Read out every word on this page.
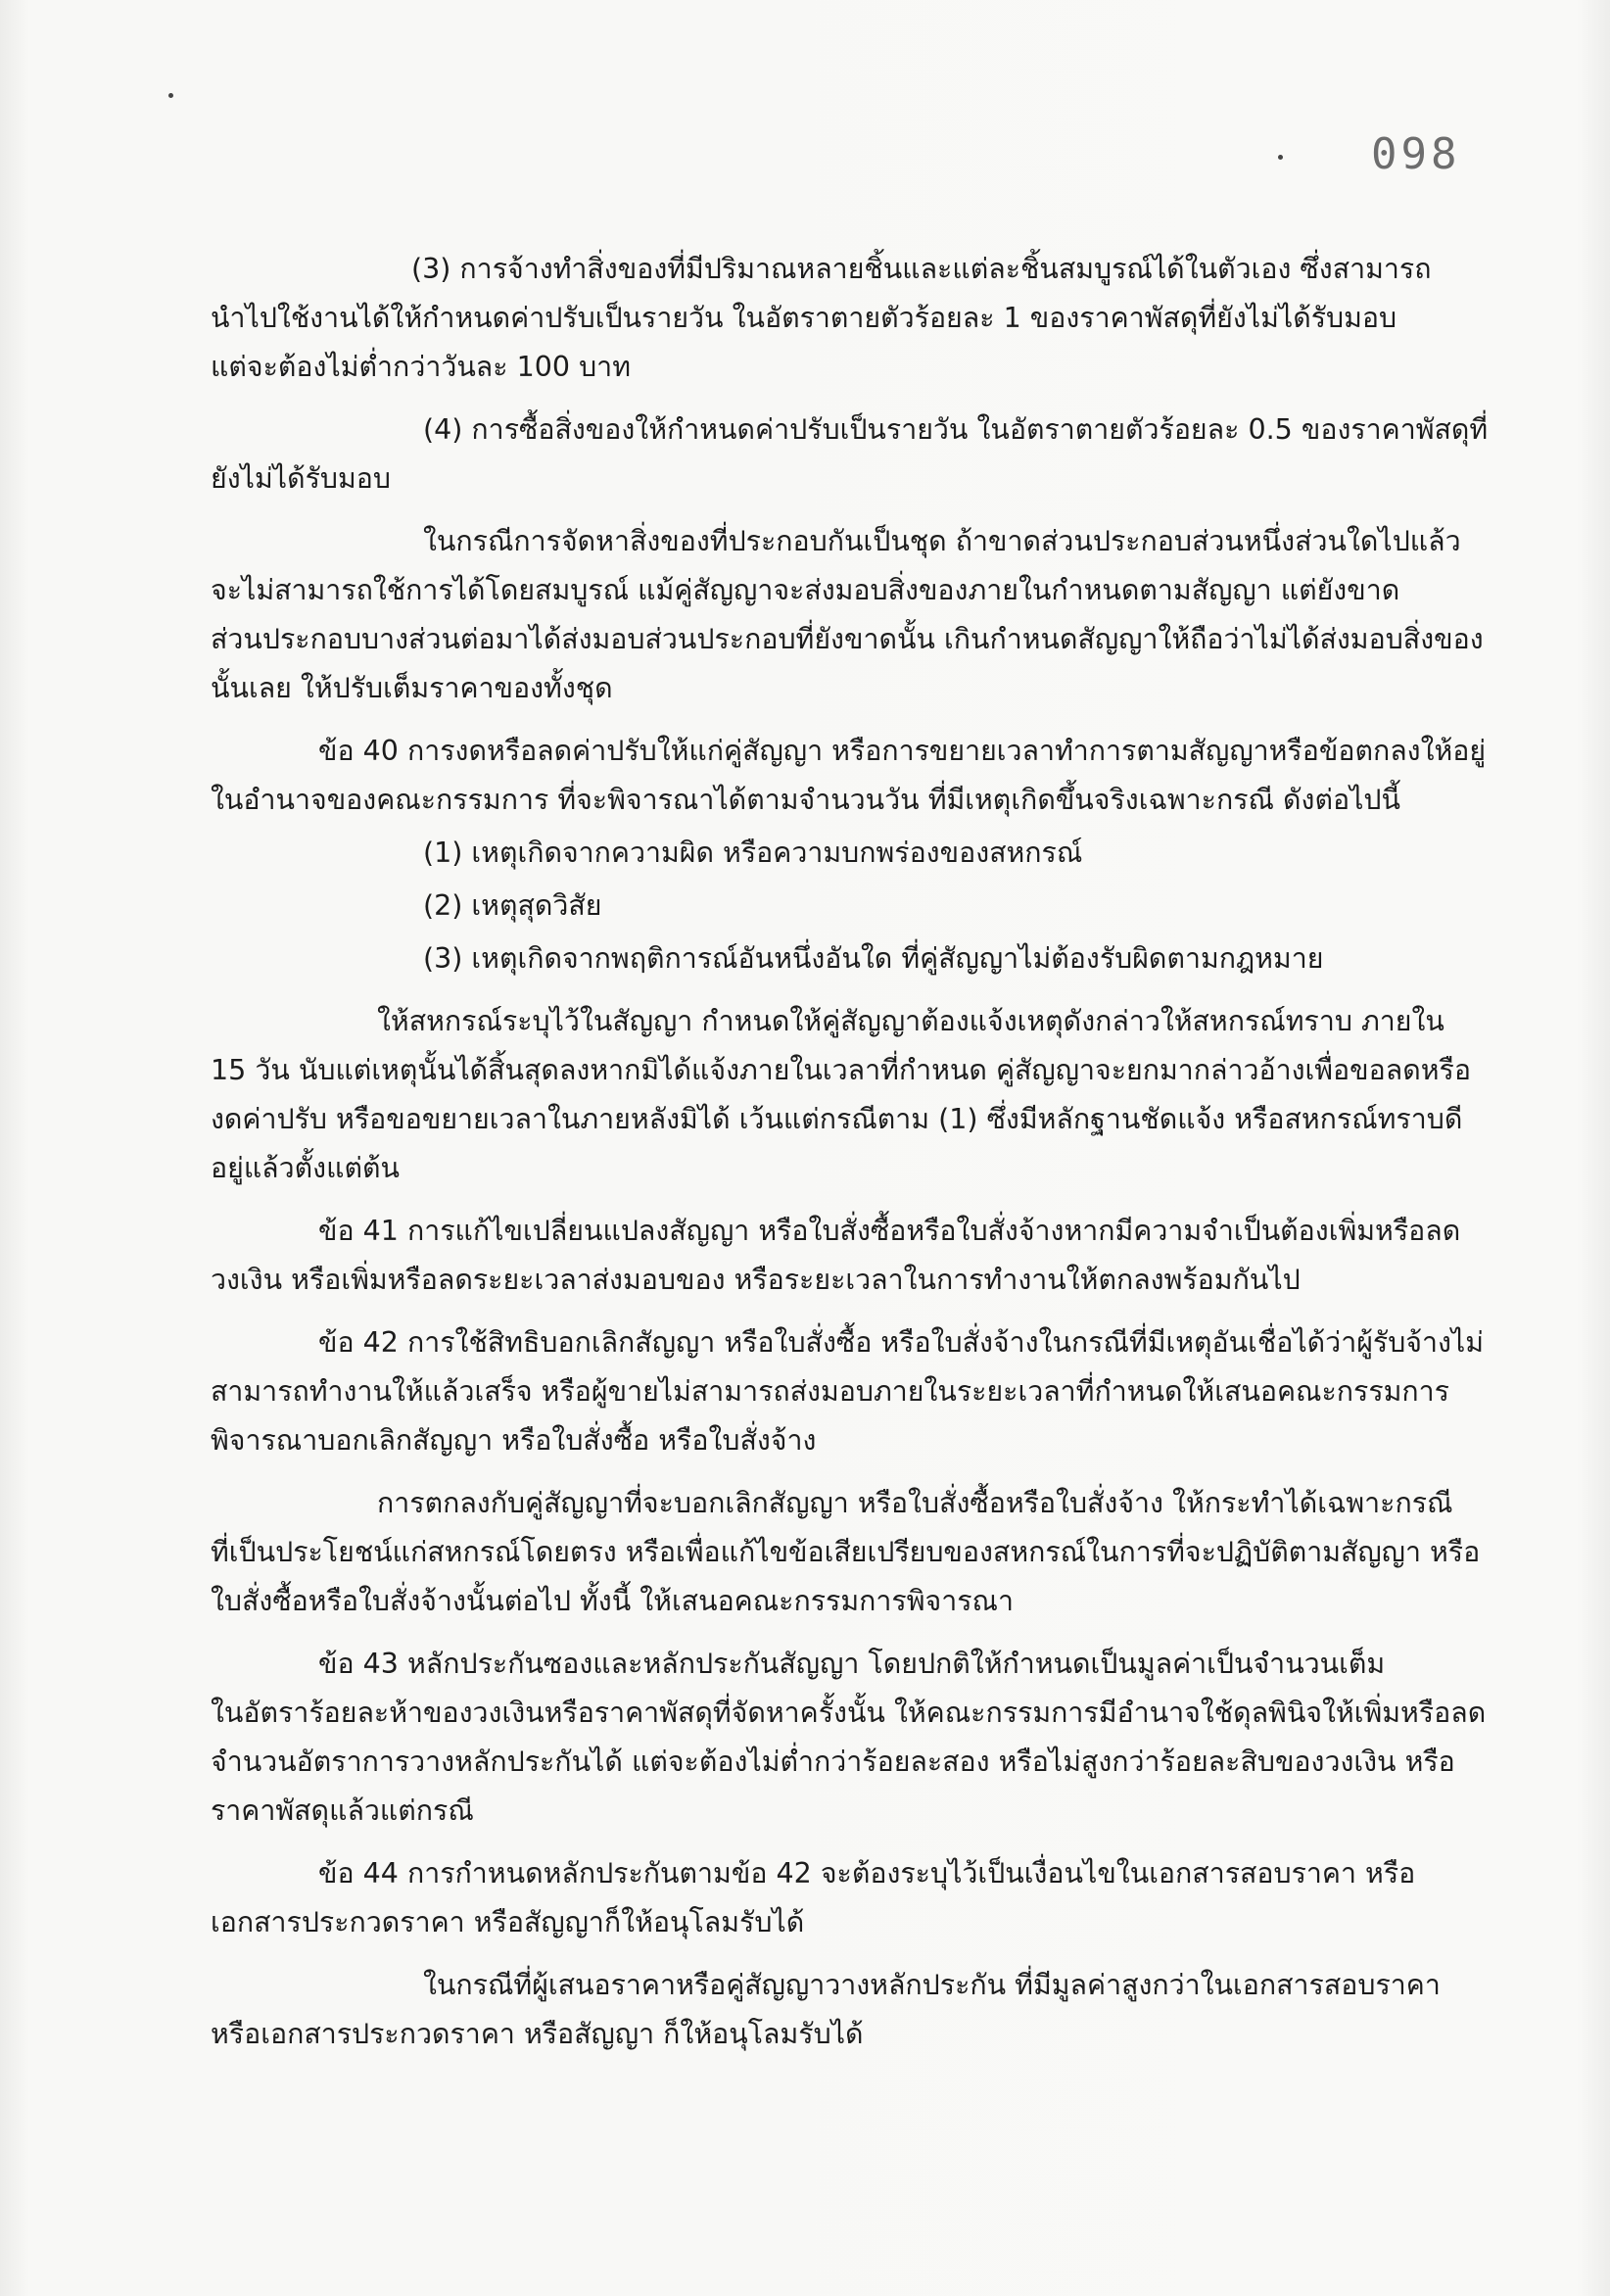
098

(3) การจ้างทำสิ่งของที่มีปริมาณหลายชิ้นและแต่ละชิ้นสมบูรณ์ได้ในตัวเอง ซึ่งสามารถ
นำไปใช้งานได้ให้กำหนดค่าปรับเป็นรายวัน ในอัตราตายตัวร้อยละ 1 ของราคาพัสดุที่ยังไม่ได้รับมอบ
แต่จะต้องไม่ต่ำกว่าวันละ 100 บาท

(4) การซื้อสิ่งของให้กำหนดค่าปรับเป็นรายวัน ในอัตราตายตัวร้อยละ 0.5 ของราคาพัสดุที่
ยังไม่ได้รับมอบ

ในกรณีการจัดหาสิ่งของที่ประกอบกันเป็นชุด ถ้าขาดส่วนประกอบส่วนหนึ่งส่วนใดไปแล้ว
จะไม่สามารถใช้การได้โดยสมบูรณ์ แม้คู่สัญญาจะส่งมอบสิ่งของภายในกำหนดตามสัญญา แต่ยังขาด
ส่วนประกอบบางส่วนต่อมาได้ส่งมอบส่วนประกอบที่ยังขาดนั้น เกินกำหนดสัญญาให้ถือว่าไม่ได้ส่งมอบสิ่งของ
นั้นเลย ให้ปรับเต็มราคาของทั้งชุด

ข้อ 40 การงดหรือลดค่าปรับให้แก่คู่สัญญา หรือการขยายเวลาทำการตามสัญญาหรือข้อตกลงให้อยู่
ในอำนาจของคณะกรรมการ ที่จะพิจารณาได้ตามจำนวนวัน ที่มีเหตุเกิดขึ้นจริงเฉพาะกรณี ดังต่อไปนี้

(1) เหตุเกิดจากความผิด หรือความบกพร่องของสหกรณ์

(2) เหตุสุดวิสัย

(3) เหตุเกิดจากพฤติการณ์อันหนึ่งอันใด ที่คู่สัญญาไม่ต้องรับผิดตามกฎหมาย

ให้สหกรณ์ระบุไว้ในสัญญา กำหนดให้คู่สัญญาต้องแจ้งเหตุดังกล่าวให้สหกรณ์ทราบ ภายใน
15 วัน นับแต่เหตุนั้นได้สิ้นสุดลงหากมิได้แจ้งภายในเวลาที่กำหนด คู่สัญญาจะยกมากล่าวอ้างเพื่อขอลดหรือ
งดค่าปรับ หรือขอขยายเวลาในภายหลังมิได้ เว้นแต่กรณีตาม (1) ซึ่งมีหลักฐานชัดแจ้ง หรือสหกรณ์ทราบดี
อยู่แล้วตั้งแต่ต้น

ข้อ 41 การแก้ไขเปลี่ยนแปลงสัญญา หรือใบสั่งซื้อหรือใบสั่งจ้างหากมีความจำเป็นต้องเพิ่มหรือลด
วงเงิน หรือเพิ่มหรือลดระยะเวลาส่งมอบของ หรือระยะเวลาในการทำงานให้ตกลงพร้อมกันไป

ข้อ 42 การใช้สิทธิบอกเลิกสัญญา หรือใบสั่งซื้อ หรือใบสั่งจ้างในกรณีที่มีเหตุอันเชื่อได้ว่าผู้รับจ้างไม่
สามารถทำงานให้แล้วเสร็จ หรือผู้ขายไม่สามารถส่งมอบภายในระยะเวลาที่กำหนดให้เสนอคณะกรรมการ
พิจารณาบอกเลิกสัญญา หรือใบสั่งซื้อ หรือใบสั่งจ้าง

การตกลงกับคู่สัญญาที่จะบอกเลิกสัญญา หรือใบสั่งซื้อหรือใบสั่งจ้าง ให้กระทำได้เฉพาะกรณี
ที่เป็นประโยชน์แก่สหกรณ์โดยตรง หรือเพื่อแก้ไขข้อเสียเปรียบของสหกรณ์ในการที่จะปฏิบัติตามสัญญา หรือ
ใบสั่งซื้อหรือใบสั่งจ้างนั้นต่อไป ทั้งนี้ ให้เสนอคณะกรรมการพิจารณา

ข้อ 43 หลักประกันซองและหลักประกันสัญญา โดยปกติให้กำหนดเป็นมูลค่าเป็นจำนวนเต็ม
ในอัตราร้อยละห้าของวงเงินหรือราคาพัสดุที่จัดหาครั้งนั้น ให้คณะกรรมการมีอำนาจใช้ดุลพินิจให้เพิ่มหรือลด
จำนวนอัตราการวางหลักประกันได้ แต่จะต้องไม่ต่ำกว่าร้อยละสอง หรือไม่สูงกว่าร้อยละสิบของวงเงิน หรือ
ราคาพัสดุแล้วแต่กรณี

ข้อ 44 การกำหนดหลักประกันตามข้อ 42 จะต้องระบุไว้เป็นเงื่อนไขในเอกสารสอบราคา หรือ
เอกสารประกวดราคา หรือสัญญาก็ให้อนุโลมรับได้

ในกรณีที่ผู้เสนอราคาหรือคู่สัญญาวางหลักประกัน ที่มีมูลค่าสูงกว่าในเอกสารสอบราคา
หรือเอกสารประกวดราคา หรือสัญญา ก็ให้อนุโลมรับได้
